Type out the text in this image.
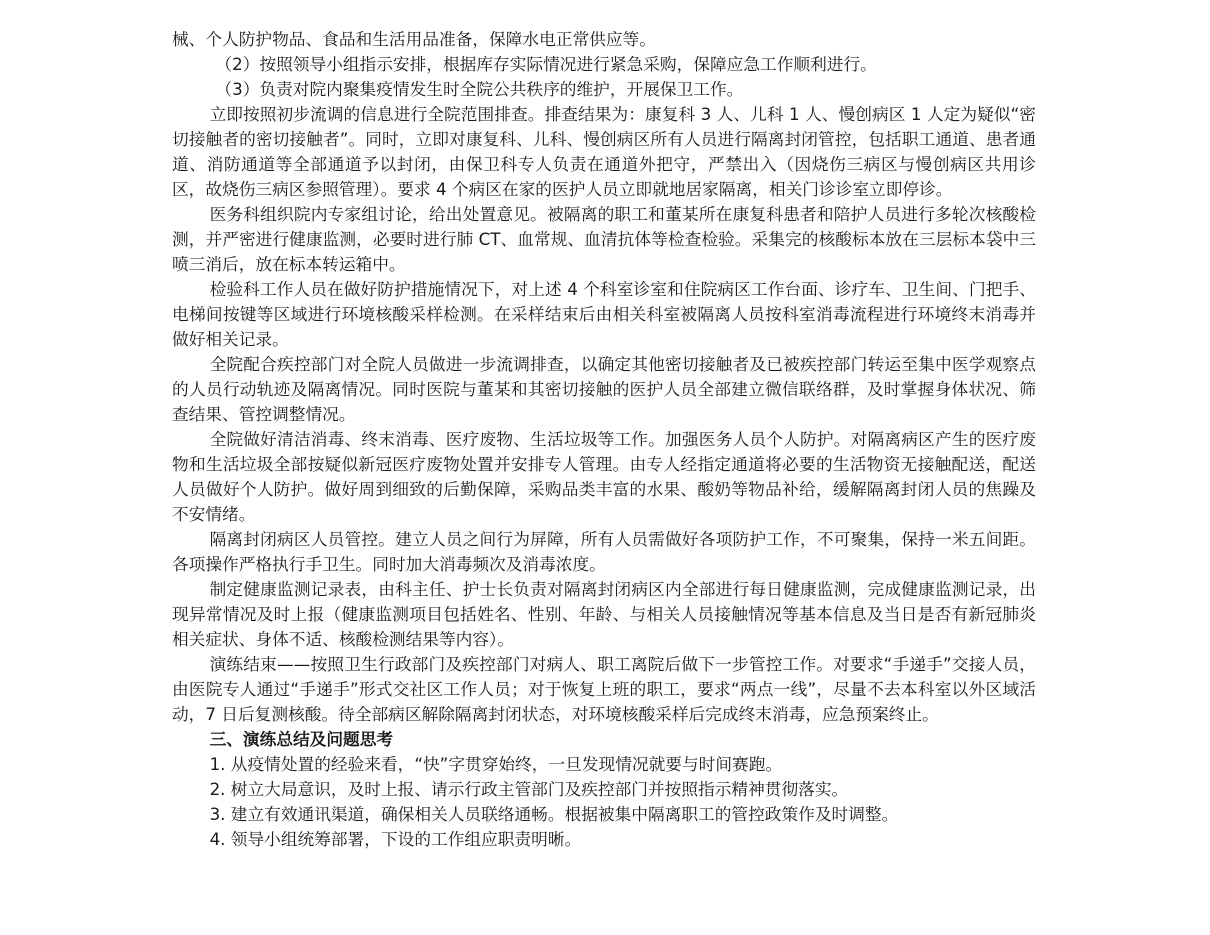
械、个人防护物品、食品和生活用品准备，保障水电正常供应等。

（2）按照领导小组指示安排，根据库存实际情况进行紧急采购，保障应急工作顺利进行。

（3）负责对院内聚集疫情发生时全院公共秩序的维护，开展保卫工作。

立即按照初步流调的信息进行全院范围排查。排查结果为：康复科 3 人、儿科 1 人、慢创病区 1 人定为疑似“密切接触者的密切接触者”。同时，立即对康复科、儿科、慢创病区所有人员进行隔离封闭管控，包括职工通道、患者通道、消防通道等全部通道予以封闭，由保卫科专人负责在通道外把守，严禁出入（因烧伤三病区与慢创病区共用诊区，故烧伤三病区参照管理）。要求 4 个病区在家的医护人员立即就地居家隔离，相关门诊诊室立即停诊。

医务科组织院内专家组讨论，给出处置意见。被隔离的职工和董某所在康复科患者和陪护人员进行多轮次核酸检测，并严密进行健康监测，必要时进行肺 CT、血常规、血清抗体等检查检验。采集完的核酸标本放在三层标本袋中三喷三消后，放在标本转运箱中。

检验科工作人员在做好防护措施情况下，对上述 4 个科室诊室和住院病区工作台面、诊疗车、卫生间、门把手、电梯间按键等区域进行环境核酸采样检测。在采样结束后由相关科室被隔离人员按科室消毒流程进行环境终末消毒并做好相关记录。

全院配合疾控部门对全院人员做进一步流调排查，以确定其他密切接触者及已被疾控部门转运至集中医学观察点的人员行动轨迹及隔离情况。同时医院与董某和其密切接触的医护人员全部建立微信联络群，及时掌握身体状况、筛查结果、管控调整情况。

全院做好清洁消毒、终末消毒、医疗废物、生活垃圾等工作。加强医务人员个人防护。对隔离病区产生的医疗废物和生活垃圾全部按疑似新冠医疗废物处置并安排专人管理。由专人经指定通道将必要的生活物资无接触配送，配送人员做好个人防护。做好周到细致的后勤保障，采购品类丰富的水果、酸奶等物品补给，缓解隔离封闭人员的焦躁及不安情绪。

隔离封闭病区人员管控。建立人员之间行为屏障，所有人员需做好各项防护工作，不可聚集，保持一米五间距。各项操作严格执行手卫生。同时加大消毒频次及消毒浓度。

制定健康监测记录表，由科主任、护士长负责对隔离封闭病区内全部进行每日健康监测，完成健康监测记录，出现异常情况及时上报（健康监测项目包括姓名、性别、年龄、与相关人员接触情况等基本信息及当日是否有新冠肺炎相关症状、身体不适、核酸检测结果等内容）。

演练结束——按照卫生行政部门及疾控部门对病人、职工离院后做下一步管控工作。对要求“手递手”交接人员，由医院专人通过“手递手”形式交社区工作人员；对于恢复上班的职工，要求“两点一线”，尽量不去本科室以外区域活动，7 日后复测核酸。待全部病区解除隔离封闭状态，对环境核酸采样后完成终末消毒，应急预案终止。

三、演练总结及问题思考

1. 从疫情处置的经验来看，“快”字贯穿始终，一旦发现情况就要与时间赛跑。

2. 树立大局意识，及时上报、请示行政主管部门及疾控部门并按照指示精神贯彻落实。

3. 建立有效通讯渠道，确保相关人员联络通畅。根据被集中隔离职工的管控政策作及时调整。

4. 领导小组统筹部署，下设的工作组应职责明晰。
